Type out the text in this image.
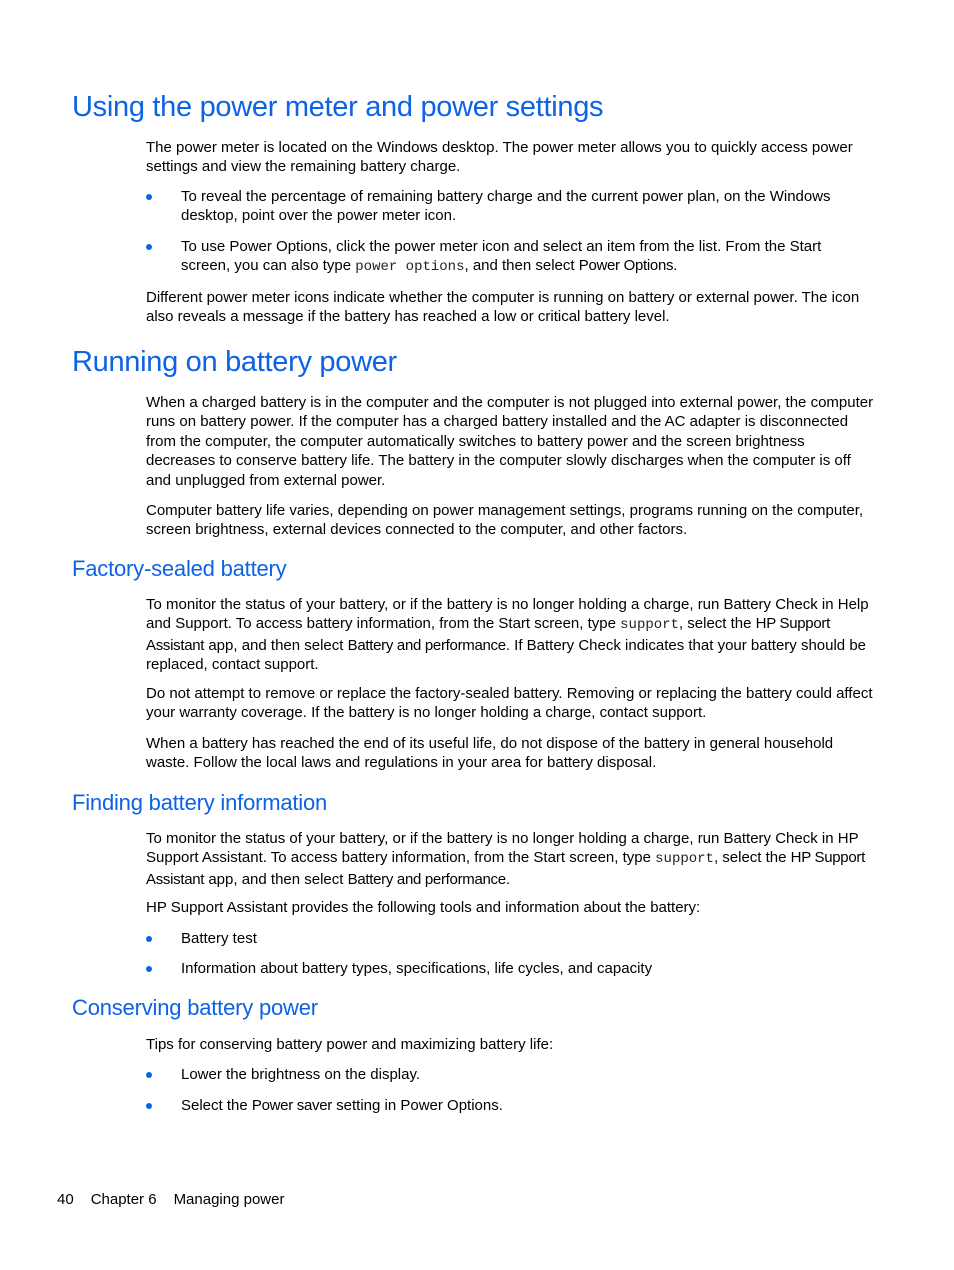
Using the power meter and power settings

The power meter is located on the Windows desktop. The power meter allows you to quickly access power settings and view the remaining battery charge.

To reveal the percentage of remaining battery charge and the current power plan, on the Windows desktop, point over the power meter icon.
To use Power Options, click the power meter icon and select an item from the list. From the Start screen, you can also type power options, and then select Power Options.

Different power meter icons indicate whether the computer is running on battery or external power. The icon also reveals a message if the battery has reached a low or critical battery level.

Running on battery power

When a charged battery is in the computer and the computer is not plugged into external power, the computer runs on battery power. If the computer has a charged battery installed and the AC adapter is disconnected from the computer, the computer automatically switches to battery power and the screen brightness decreases to conserve battery life. The battery in the computer slowly discharges when the computer is off and unplugged from external power.

Computer battery life varies, depending on power management settings, programs running on the computer, screen brightness, external devices connected to the computer, and other factors.

Factory-sealed battery

To monitor the status of your battery, or if the battery is no longer holding a charge, run Battery Check in Help and Support. To access battery information, from the Start screen, type support, select the HP Support Assistant app, and then select Battery and performance. If Battery Check indicates that your battery should be replaced, contact support.

Do not attempt to remove or replace the factory-sealed battery. Removing or replacing the battery could affect your warranty coverage. If the battery is no longer holding a charge, contact support.

When a battery has reached the end of its useful life, do not dispose of the battery in general household waste. Follow the local laws and regulations in your area for battery disposal.

Finding battery information

To monitor the status of your battery, or if the battery is no longer holding a charge, run Battery Check in HP Support Assistant. To access battery information, from the Start screen, type support, select the HP Support Assistant app, and then select Battery and performance.

HP Support Assistant provides the following tools and information about the battery:

Battery test
Information about battery types, specifications, life cycles, and capacity
Conserving battery power

Tips for conserving battery power and maximizing battery life:

Lower the brightness on the display.
Select the Power saver setting in Power Options.
40 Chapter 6 Managing power
